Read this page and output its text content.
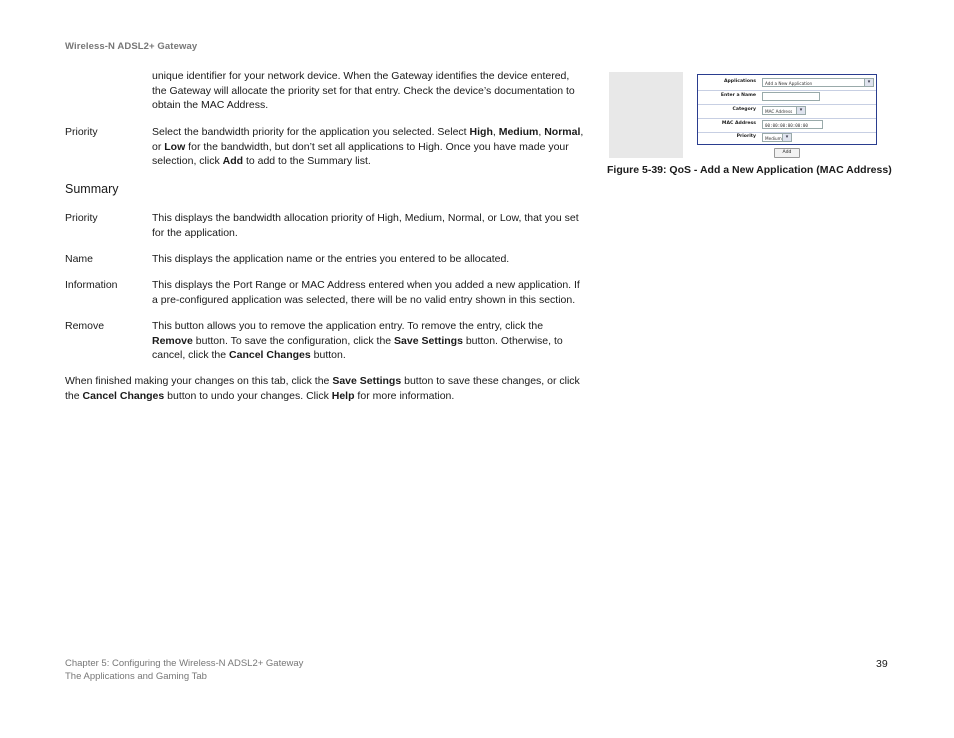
Wireless-N ADSL2+ Gateway
unique identifier for your network device. When the Gateway identifies the device entered, the Gateway will allocate the priority set for that entry. Check the device’s documentation to obtain the MAC Address.
Priority	Select the bandwidth priority for the application you selected. Select High, Medium, Normal, or Low for the bandwidth, but don’t set all applications to High. Once you have made your selection, click Add to add to the Summary list.
Summary
Priority	This displays the bandwidth allocation priority of High, Medium, Normal, or Low, that you set for the application.
Name	This displays the application name or the entries you entered to be allocated.
Information	This displays the Port Range or MAC Address entered when you added a new application. If a pre-configured application was selected, there will be no valid entry shown in this section.
Remove	This button allows you to remove the application entry. To remove the entry, click the Remove button. To save the configuration, click the Save Settings button. Otherwise, to cancel, click the Cancel Changes button.
When finished making your changes on this tab, click the Save Settings button to save these changes, or click the Cancel Changes button to undo your changes. Click Help for more information.
Applications	Add a New Application	▾
Enter a Name
Category	MAC Address	▾
MAC Address	00:00:00:00:00:00
Priority	Medium ▾
Add
Figure 5-39: QoS - Add a New Application (MAC Address)
Chapter 5: Configuring the Wireless-N ADSL2+ Gateway
The Applications and Gaming Tab
39
